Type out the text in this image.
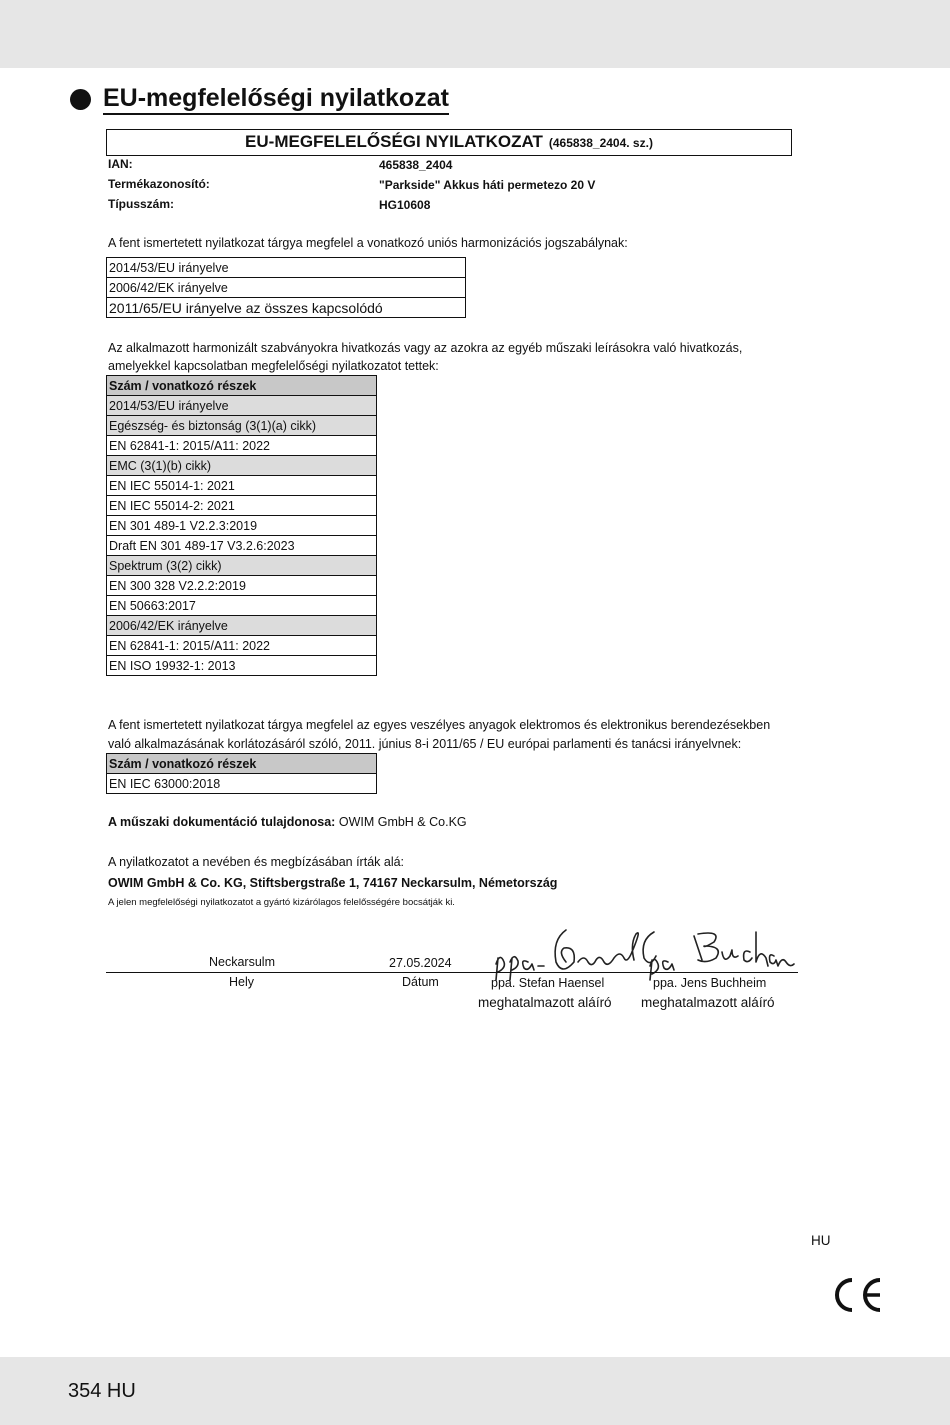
EU-megfelelőségi nyilatkozat
EU-MEGFELELŐSÉGI NYILATKOZAT (465838_2404. sz.)
IAN:	465838_2404
Termékazonosító:	"Parkside" Akkus háti permetezo 20 V
Típusszám:	HG10608
A fent ismertetett nyilatkozat tárgya megfelel a vonatkozó uniós harmonizációs jogszabálynak:
2014/53/EU irányelve
2006/42/EK irányelve
2011/65/EU irányelve az összes kapcsolódó
Az alkalmazott harmonizált szabványokra hivatkozás vagy az azokra az egyéb műszaki leírásokra való hivatkozás,
amelyekkel kapcsolatban megfelelőségi nyilatkozatot tettek:
Szám / vonatkozó részek
2014/53/EU irányelve
Egészség- és biztonság (3(1)(a) cikk)
EN 62841-1: 2015/A11: 2022
EMC (3(1)(b) cikk)
EN IEC 55014-1: 2021
EN IEC 55014-2: 2021
EN 301 489-1 V2.2.3:2019
Draft EN 301 489-17 V3.2.6:2023
Spektrum (3(2) cikk)
EN 300 328 V2.2.2:2019
EN 50663:2017
2006/42/EK irányelve
EN 62841-1: 2015/A11: 2022
EN ISO 19932-1: 2013
A fent ismertetett nyilatkozat tárgya megfelel az egyes veszélyes anyagok elektromos és elektronikus berendezésekben
való alkalmazásának korlátozásáról szóló, 2011. június 8-i 2011/65 / EU európai parlamenti és tanácsi irányelvnek:
Szám / vonatkozó részek
EN IEC 63000:2018
A műszaki dokumentáció tulajdonosa: OWIM GmbH & Co.KG
A nyilatkozatot a nevében és megbízásában írták alá:
OWIM GmbH & Co. KG, Stiftsbergstraße 1, 74167 Neckarsulm, Németország
A jelen megfelelőségi nyilatkozatot a gyártó kizárólagos felelősségére bocsátják ki.
Neckarsulm	27.05.2024
Hely	Dátum	ppa. Stefan Haensel	ppa. Jens Buchheim
meghatalmazott aláíró meghatalmazott aláíró
HU
354 HU
